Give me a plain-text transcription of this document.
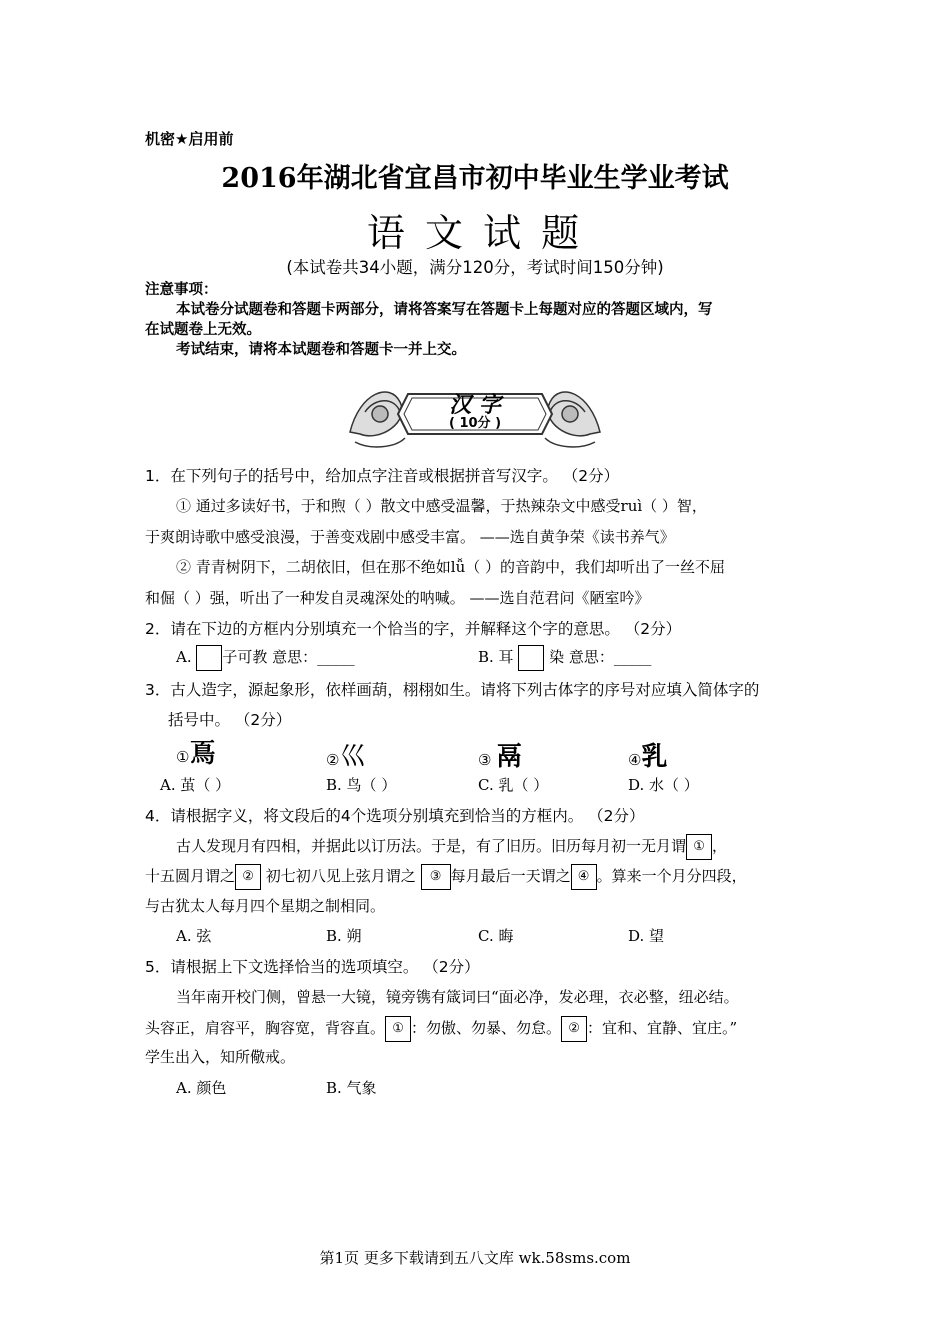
机密★启用前
2016年湖北省宜昌市初中毕业生学业考试
语 文 试 题
(本试卷共34小题，满分120分，考试时间150分钟)
注意事项：
本试卷分试题卷和答题卡两部分，请将答案写在答题卡上每题对应的答题区域内，写
在试题卷上无效。
考试结束，请将本试题卷和答题卡一并上交。
汉 字
( 10分 )
1．在下列句子的括号中，给加点字注音或根据拼音写汉字。 （2分）
① 通过多读好书，于和煦（ ）散文中感受温馨，于热辣杂文中感受ruì（ ）智，
于爽朗诗歌中感受浪漫，于善变戏剧中感受丰富。 ——选自黄争荣《读书养气》
② 青青树阴下，二胡依旧，但在那不绝如lǚ（ ）的音韵中，我们却听出了一丝不屈
和倔（ ）强，听出了一种发自灵魂深处的呐喊。 ——选自范君问《陋室吟》
2．请在下边的方框内分别填充一个恰当的字，并解释这个字的意思。 （2分）
A. 子可教 意思：_____	B. 耳 染 意思：_____
3．古人造字，源起象形，依样画葫，栩栩如生。请将下列古体字的序号对应填入简体字的
括号中。 （2分）
①𩾏	②巛	③ 鬲	④乳
A. 茧（ ）	B. 鸟（ ）	C. 乳（ ）	D. 水（ ）
4．请根据字义，将文段后的4个选项分别填充到恰当的方框内。 （2分）
古人发现月有四相，并据此以订历法。于是，有了旧历。旧历每月初一无月谓 ① ，
十五圆月谓之 ② 初七初八见上弦月谓之 ③ 每月最后一天谓之 ④ 。算来一个月分四段，
与古犹太人每月四个星期之制相同。
A. 弦	B. 朔	C. 晦	D. 望
5．请根据上下文选择恰当的选项填空。 （2分）
当年南开校门侧，曾悬一大镜，镜旁镌有箴词曰“面必净，发必理，衣必整，纽必结。
头容正，肩容平，胸容宽，背容直。 ① ：勿傲、勿暴、勿怠。 ② ：宜和、宜静、宜庄。”
学生出入，知所儆戒。
A. 颜色	B. 气象
第1页 更多下载请到五八文库 wk.58sms.com
